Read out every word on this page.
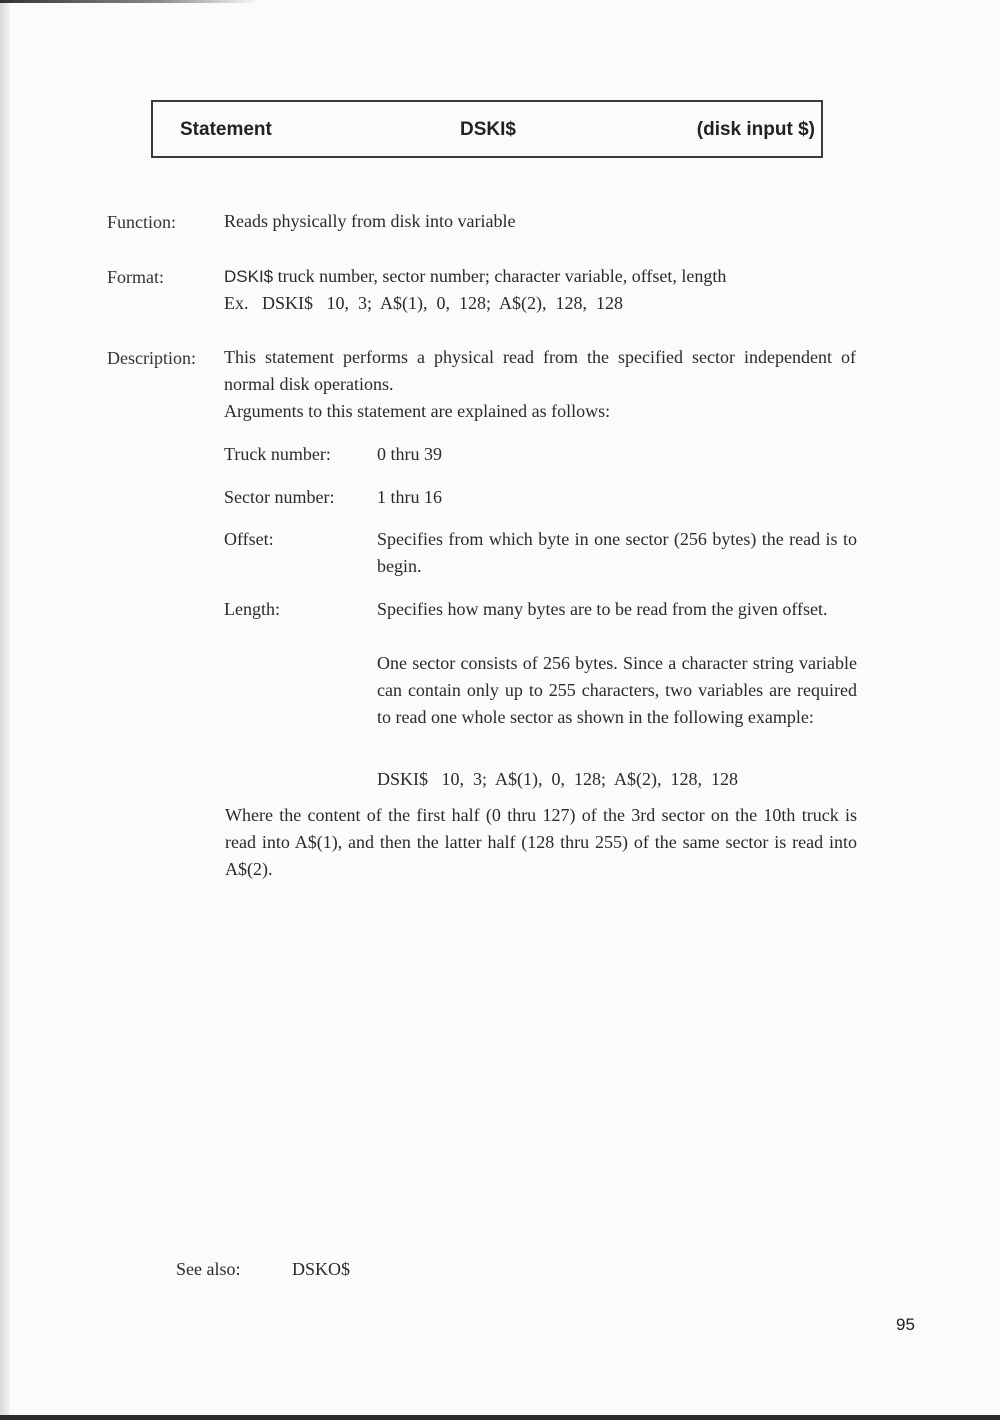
Statement	DSKI$	(disk input $)
Function:	Reads physically from disk into variable
Format:	DSKI$ truck number, sector number; character variable, offset, length
Ex. DSKI$   10,  3;  A$(1),  0,  128;  A$(2),  128,  128
Description: This statement performs a physical read from the specified sector independent of normal disk operations.
Arguments to this statement are explained as follows:
Truck number:	0 thru 39
Sector number: 1 thru 16
Offset:	Specifies from which byte in one sector (256 bytes) the read is to begin.
Length:	Specifies how many bytes are to be read from the given offset.
One sector consists of 256 bytes. Since a character string variable can contain only up to 255 characters, two variables are required to read one whole sector as shown in the following example:
DSKI$   10,  3;  A$(1),  0,  128;  A$(2),  128,  128
Where the content of the first half (0 thru 127) of the 3rd sector on the 10th truck is read into A$(1), and then the latter half (128 thru 255) of the same sector is read into A$(2).
See also:	DSKO$
95
